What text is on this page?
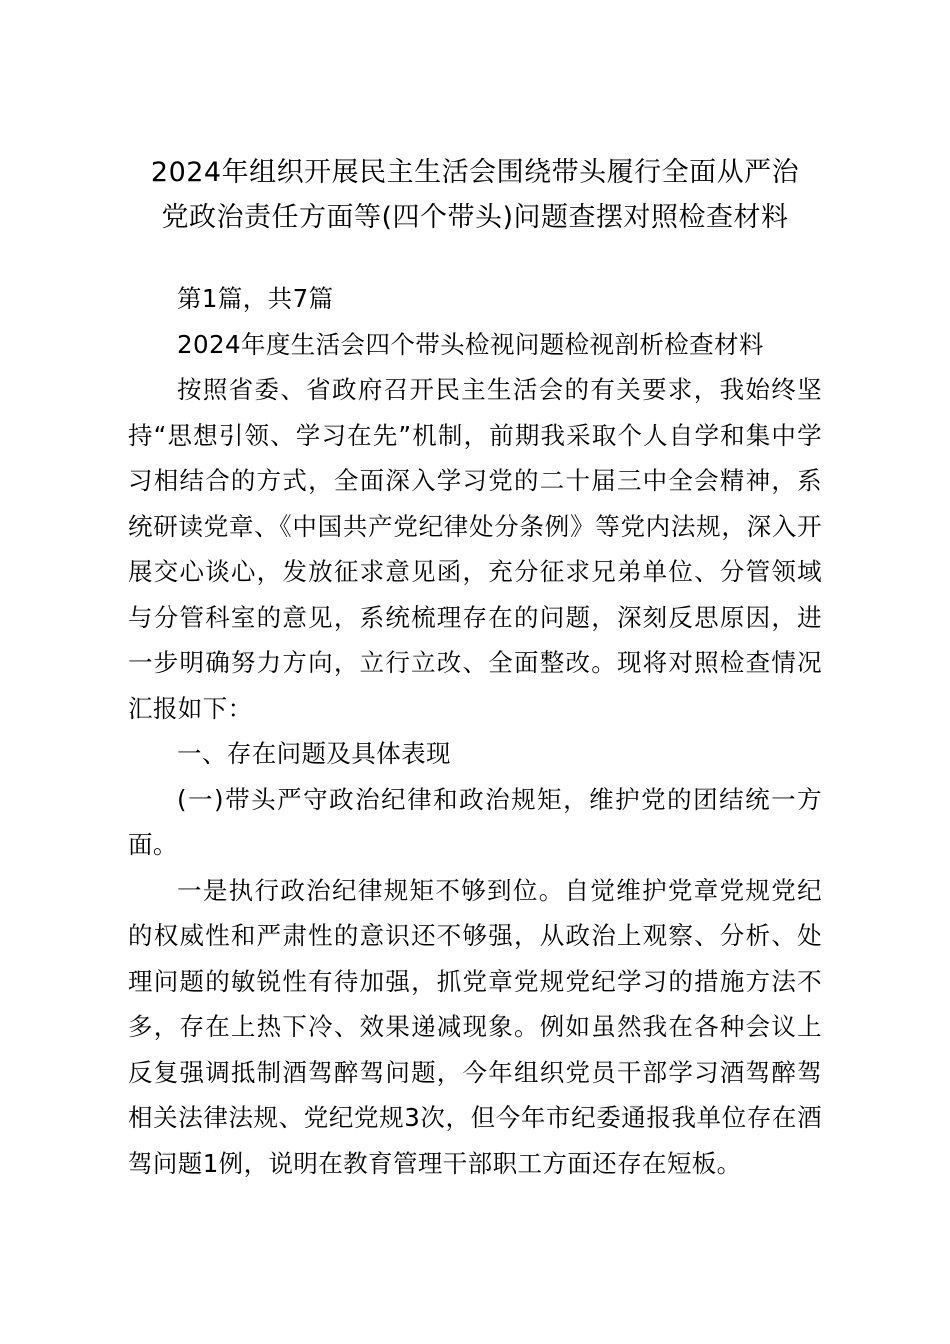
2024年组织开展民主生活会围绕带头履行全面从严治
党政治责任方面等(四个带头)问题查摆对照检查材料

第1篇，共7篇

2024年度生活会四个带头检视问题检视剖析检查材料

按照省委、省政府召开民主生活会的有关要求，我始终坚持“思想引领、学习在先”机制，前期我采取个人自学和集中学习相结合的方式，全面深入学习党的二十届三中全会精神，系统研读党章、《中国共产党纪律处分条例》等党内法规，深入开展交心谈心，发放征求意见函，充分征求兄弟单位、分管领域与分管科室的意见，系统梳理存在的问题，深刻反思原因，进一步明确努力方向，立行立改、全面整改。现将对照检查情况汇报如下：

一、存在问题及具体表现

(一)带头严守政治纪律和政治规矩，维护党的团结统一方面。

一是执行政治纪律规矩不够到位。自觉维护党章党规党纪的权威性和严肃性的意识还不够强，从政治上观察、分析、处理问题的敏锐性有待加强，抓党章党规党纪学习的措施方法不多，存在上热下冷、效果递减现象。例如虽然我在各种会议上反复强调抵制酒驾醉驾问题，今年组织党员干部学习酒驾醉驾相关法律法规、党纪党规3次，但今年市纪委通报我单位存在酒驾问题1例，说明在教育管理干部职工方面还存在短板。
